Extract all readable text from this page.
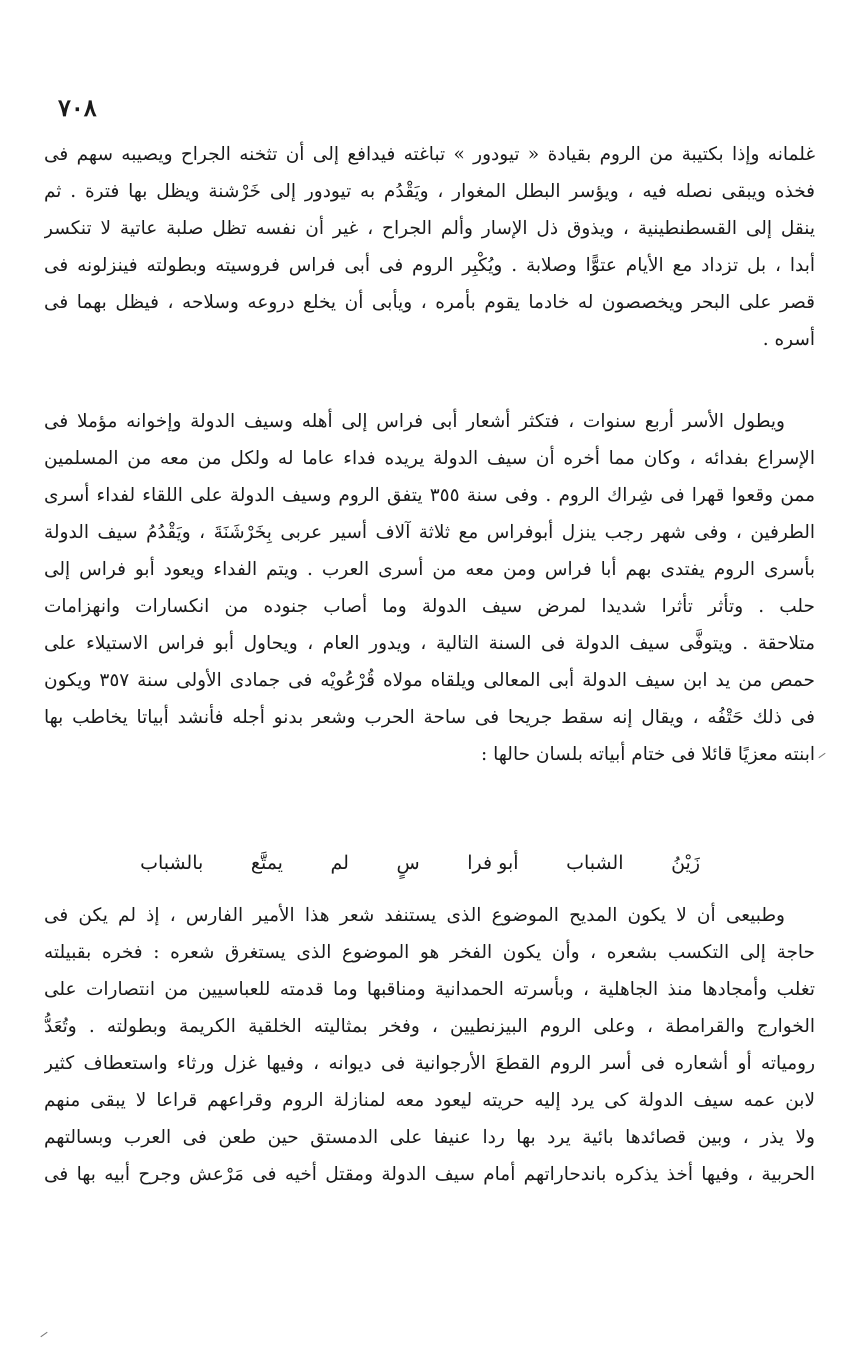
٧٠٨
غلمانه وإذا بكتيبة من الروم بقيادة « تيودور » تباغته فيدافع إلى أن تثخنه الجراح ويصيبه سهم فى
فخذه ويبقى نصله فيه ، ويؤسر البطل المغوار ، ويَقْدُم به تيودور إلى خَرْشنة ويظل بها فترة . ثم
ينقل إلى القسطنطينية ، ويذوق ذل الإسار وألم الجراح ، غير أن نفسه تظل صلبة عاتية لا تنكسر
أبدا ، بل تزداد مع الأيام عتوًّا وصلابة . ويُكْبِر الروم فى أبى فراس فروسيته وبطولته فينزلونه فى
قصر على البحر ويخصصون له خادما يقوم بأمره ، ويأبى أن يخلع دروعه وسلاحه ، فيظل بهما فى
أسره .
ويطول الأسر أربع سنوات ، فتكثر أشعار أبى فراس إلى أهله وسيف الدولة وإخوانه مؤملا فى
الإسراع بفدائه ، وكان مما أخره أن سيف الدولة يريده فداء عاما له ولكل من معه من المسلمين
ممن وقعوا قهرا فى شِراك الروم . وفى سنة ٣٥٥ يتفق الروم وسيف الدولة على اللقاء لفداء أسرى
الطرفين ، وفى شهر رجب ينزل أبوفراس مع ثلاثة آلاف أسير عربى بِخَرْشَنَةَ ، ويَقْدُمُ سيف الدولة
بأسرى الروم يفتدى بهم أبا فراس ومن معه من أسرى العرب . ويتم الفداء ويعود أبو فراس إلى
حلب . وتأثر تأثرا شديدا لمرض سيف الدولة وما أصاب جنوده من انكسارات وانهزامات
متلاحقة . ويتوفَّى سيف الدولة فى السنة التالية ، ويدور العام ، ويحاول أبو فراس الاستيلاء على
حمص من يد ابن سيف الدولة أبى المعالى ويلقاه مولاه قُرْعُويْه فى جمادى الأولى سنة ٣٥٧ ويكون
فى ذلك حَتْفُه ، ويقال إنه سقط جريحا فى ساحة الحرب وشعر بدنو أجله فأنشد أبياتا يخاطب بها
ابنته معزيًا قائلا فى ختام أبياته بلسان حالها :
زَيْنُ
الشباب
أبو فرا
سٍ
لم
يمتَّع
بالشباب
وطبيعى أن لا يكون المديح الموضوع الذى يستنفد شعر هذا الأمير الفارس ، إذ لم يكن فى
حاجة إلى التكسب بشعره ، وأن يكون الفخر هو الموضوع الذى يستغرق شعره : فخره بقبيلته
تغلب وأمجادها منذ الجاهلية ، وبأسرته الحمدانية ومناقبها وما قدمته للعباسيين من انتصارات على
الخوارج والقرامطة ، وعلى الروم البيزنطيين ، وفخر بمثاليته الخلقية الكريمة وبطولته . وتُعَدُّ
رومياته أو أشعاره فى أسر الروم القطعَ الأرجوانية فى ديوانه ، وفيها غزل ورثاء واستعطاف كثير
لابن عمه سيف الدولة كى يرد إليه حريته ليعود معه لمنازلة الروم وقراعهم قراعا لا يبقى منهم
ولا يذر ، وبين قصائدها بائية يرد بها ردا عنيفا على الدمستق حين طعن فى العرب وبسالتهم
الحربية ، وفيها أخذ يذكره باندحاراتهم أمام سيف الدولة ومقتل أخيه فى مَرْعش وجرح أبيه بها فى
